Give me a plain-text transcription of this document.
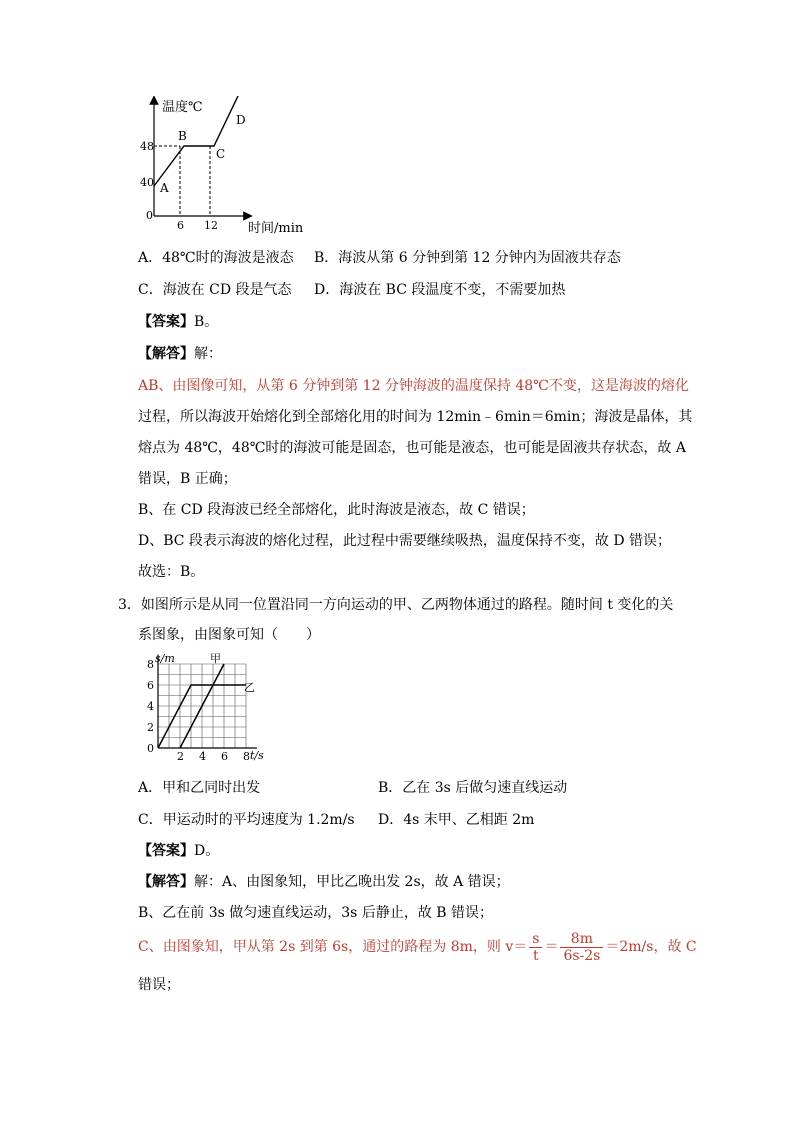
温度℃
时间/min
48
40
0
6 12
A
B
C
D
A．48℃时的海波是液态 B．海波从第 6 分钟到第 12 分钟内为固液共存态
C．海波在 CD 段是气态 D．海波在 BC 段温度不变，不需要加热
【答案】B。
【解答】解：
AB、由图像可知，从第 6 分钟到第 12 分钟海波的温度保持 48℃不变，这是海波的熔化
过程，所以海波开始熔化到全部熔化用的时间为 12min﹣6min＝6min；海波是晶体，其
熔点为 48℃，48℃时的海波可能是固态，也可能是液态，也可能是固液共存状态，故 A
错误，B 正确；
B、在 CD 段海波已经全部熔化，此时海波是液态，故 C 错误；
D、BC 段表示海波的熔化过程，此过程中需要继续吸热，温度保持不变，故 D 错误；
故选：B。
3．如图所示是从同一位置沿同一方向运动的甲、乙两物体通过的路程。随时间 t 变化的关
系图象，由图象可知（　　）
0
2 4 6 8
2
4
6
8 s/m
t/s
甲
乙
A．甲和乙同时出发	B．乙在 3s 后做匀速直线运动
C．甲运动时的平均速度为 1.2m/s D．4s 末甲、乙相距 2m
【答案】D。
【解答】解：A、由图象知，甲比乙晚出发 2s，故 A 错误；
B、乙在前 3s 做匀速直线运动，3s 后静止，故 B 错误；
C、由图象知，甲从第 2s 到第 6s，通过的路程为 8m，则 $v= \frac{s}{t} = \frac{8m}{6s-2s} =2m/s$，故 C
错误；
